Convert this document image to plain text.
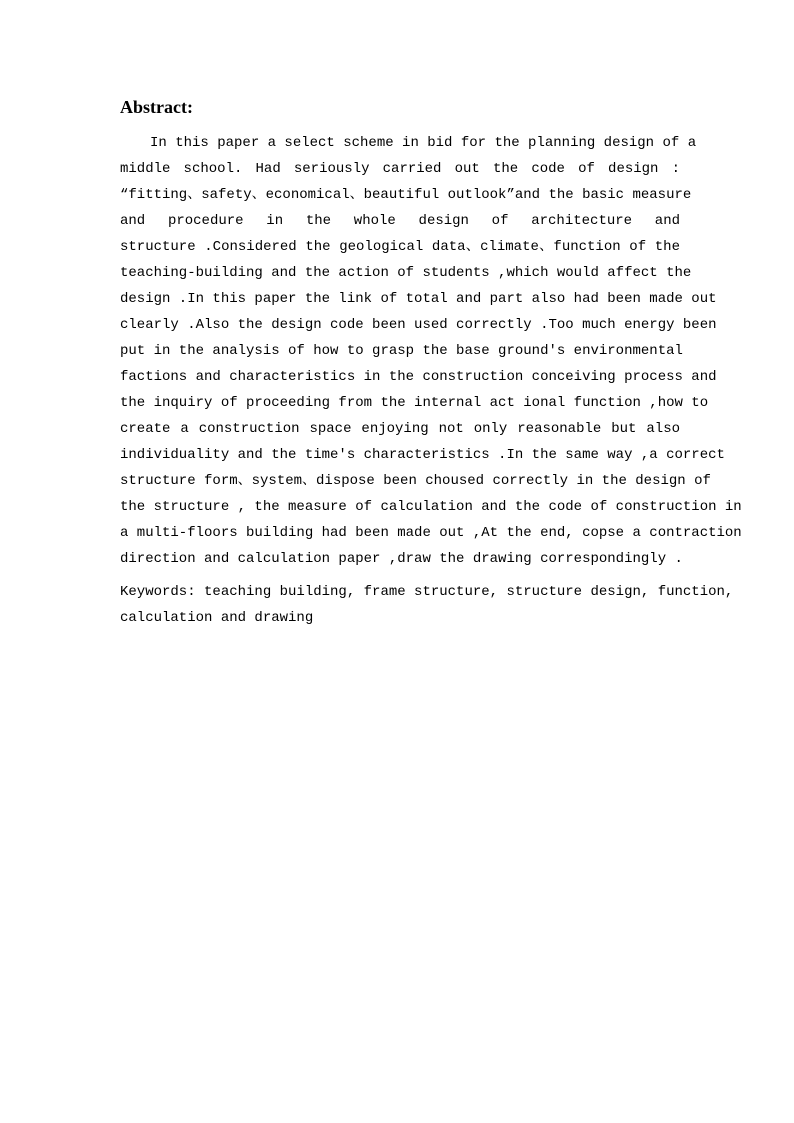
Abstract:
In this paper a select scheme in bid for the planning design of a
middle school. Had seriously carried out the code of design :
“fitting、safety、economical、beautiful outlook”and the basic measure
and procedure in the whole design of architecture and
structure .Considered the geological data、climate、function of the
teaching-building and the action of students ,which would affect the
design .In this paper the link of total and part also had been made out
clearly .Also the design code been used correctly .Too much energy been
put in the analysis of how to grasp the base ground′s environmental
factions and characteristics in the construction conceiving process and
the inquiry of proceeding from the internal act ional function ,how to
create a construction space enjoying not only reasonable but also
individuality and the time′s characteristics .In the same way ,a correct
structure form、system、dispose been choused correctly in the design of
the structure , the measure of calculation and the code of construction in
a multi-floors building had been made out ,At the end, copse a contraction
direction and calculation paper ,draw the drawing correspondingly .
Keywords: teaching building, frame structure, structure design, function,
calculation and drawing
